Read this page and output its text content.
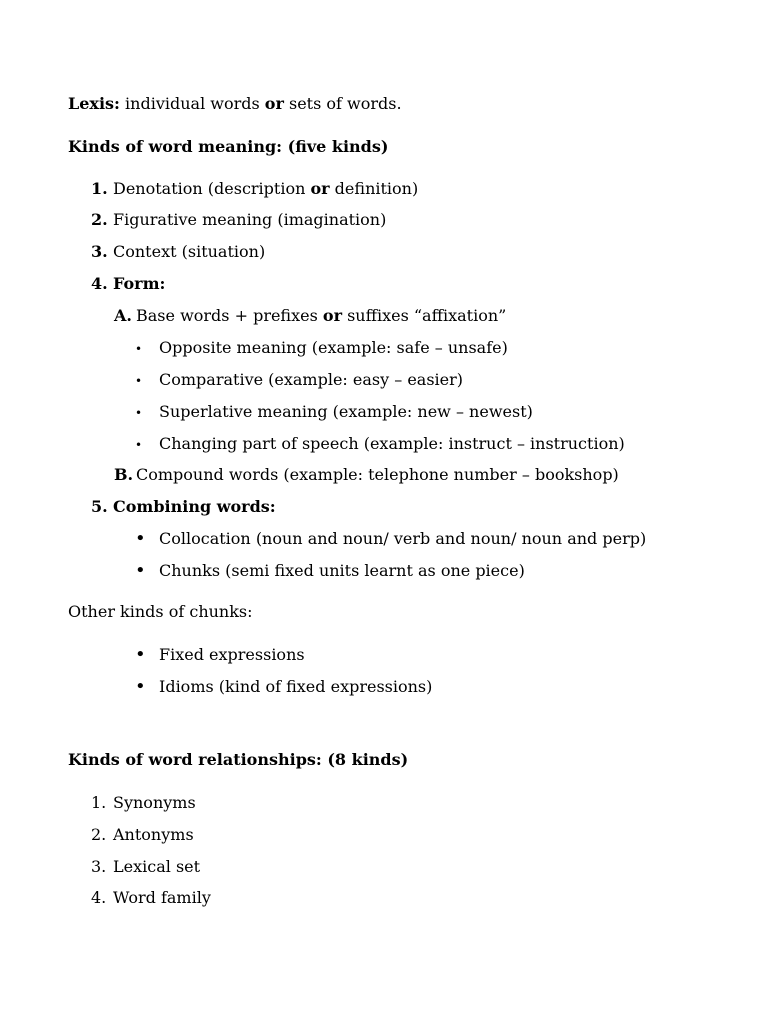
Lexis: individual words or sets of words.
Kinds of word meaning: (five kinds)
1. Denotation (description or definition)
2. Figurative meaning (imagination)
3. Context (situation)
4. Form:
A. Base words + prefixes or suffixes “affixation”
• Opposite meaning (example: safe – unsafe)
• Comparative (example: easy – easier)
• Superlative meaning (example: new – newest)
• Changing part of speech (example: instruct – instruction)
B. Compound words (example: telephone number – bookshop)
5. Combining words:
• Collocation (noun and noun/ verb and noun/ noun and perp)
• Chunks (semi fixed units learnt as one piece)
Other kinds of chunks:
• Fixed expressions
• Idioms (kind of fixed expressions)
Kinds of word relationships: (8 kinds)
1. Synonyms
2. Antonyms
3. Lexical set
4. Word family
